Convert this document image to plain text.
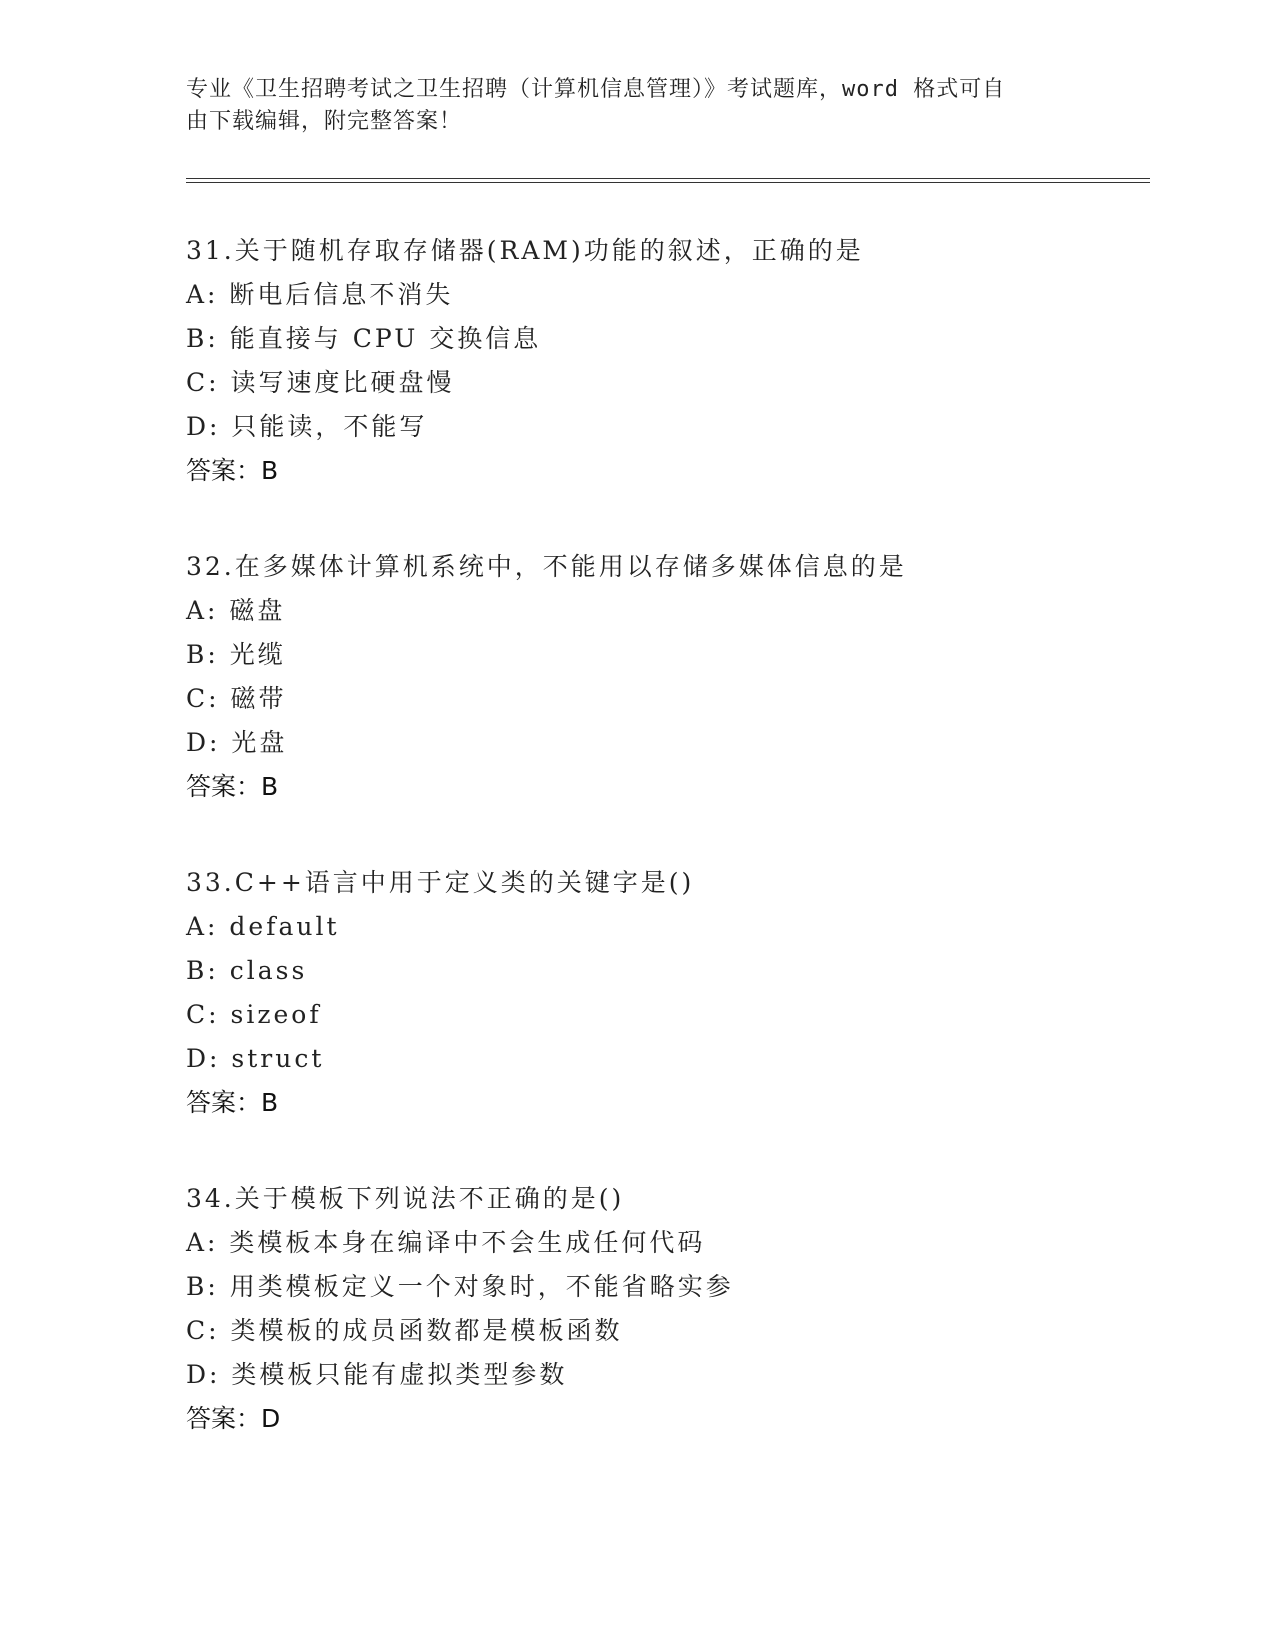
专业《卫生招聘考试之卫生招聘（计算机信息管理）》考试题库，word 格式可自
由下载编辑，附完整答案！
31.关于随机存取存储器(RAM)功能的叙述，正确的是
A: 断电后信息不消失
B: 能直接与 CPU 交换信息
C: 读写速度比硬盘慢
D: 只能读，不能写
答案：B
32.在多媒体计算机系统中，不能用以存储多媒体信息的是
A: 磁盘
B: 光缆
C: 磁带
D: 光盘
答案：B
33.C++语言中用于定义类的关键字是()
A: default
B: class
C: sizeof
D: struct
答案：B
34.关于模板下列说法不正确的是()
A: 类模板本身在编译中不会生成任何代码
B: 用类模板定义一个对象时，不能省略实参
C: 类模板的成员函数都是模板函数
D: 类模板只能有虚拟类型参数
答案：D
